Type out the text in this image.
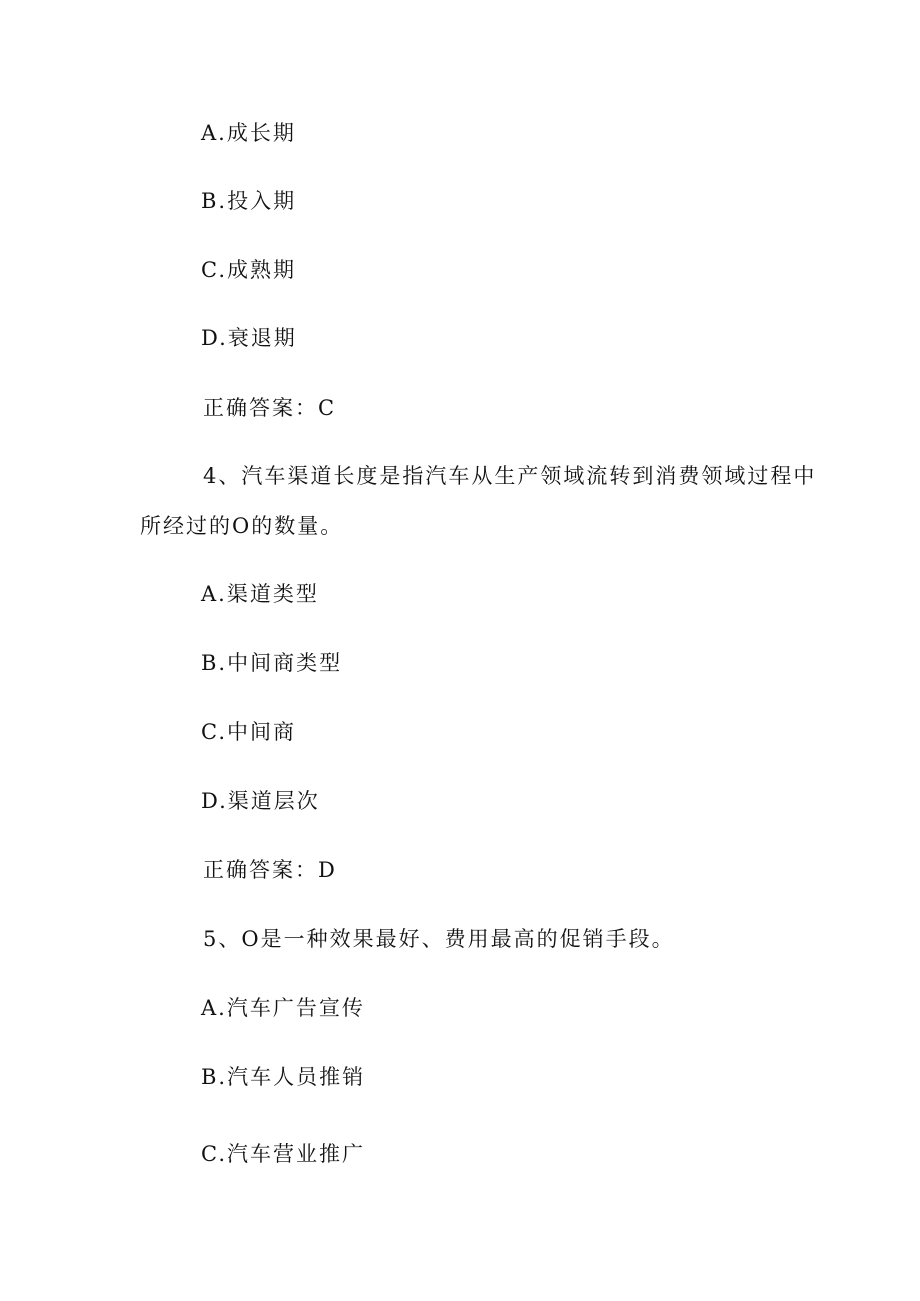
A.成长期
B.投入期
C.成熟期
D.衰退期
正确答案：C
4、汽车渠道长度是指汽车从生产领域流转到消费领域过程中
所经过的O的数量。
A.渠道类型
B.中间商类型
C.中间商
D.渠道层次
正确答案：D
5、O是一种效果最好、费用最高的促销手段。
A.汽车广告宣传
B.汽车人员推销
C.汽车营业推广
